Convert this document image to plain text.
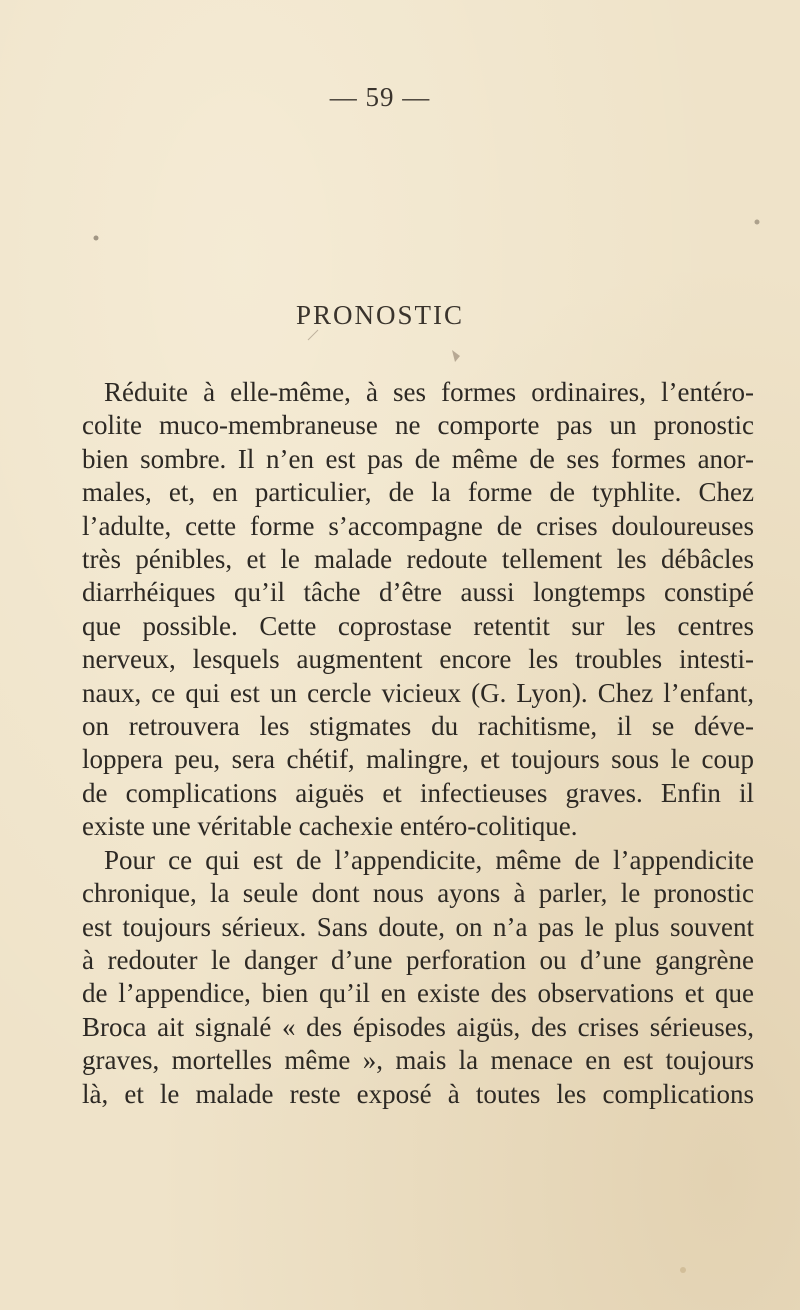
— 59 —
PRONOSTIC
Réduite à elle-même, à ses formes ordinaires, l’entéro-
colite muco-membraneuse ne comporte pas un pronostic
bien sombre. Il n’en est pas de même de ses formes anor-
males, et, en particulier, de la forme de typhlite. Chez
l’adulte, cette forme s’accompagne de crises douloureuses
très pénibles, et le malade redoute tellement les débâcles
diarrhéiques qu’il tâche d’être aussi longtemps constipé
que possible. Cette coprostase retentit sur les centres
nerveux, lesquels augmentent encore les troubles intesti-
naux, ce qui est un cercle vicieux (G. Lyon). Chez l’enfant,
on retrouvera les stigmates du rachitisme, il se déve-
loppera peu, sera chétif, malingre, et toujours sous le coup
de complications aiguës et infectieuses graves. Enfin il
existe une véritable cachexie entéro-colitique.
Pour ce qui est de l’appendicite, même de l’appendicite
chronique, la seule dont nous ayons à parler, le pronostic
est toujours sérieux. Sans doute, on n’a pas le plus souvent
à redouter le danger d’une perforation ou d’une gangrène
de l’appendice, bien qu’il en existe des observations et que
Broca ait signalé « des épisodes aigüs, des crises sérieuses,
graves, mortelles même », mais la menace en est toujours
là, et le malade reste exposé à toutes les complications
